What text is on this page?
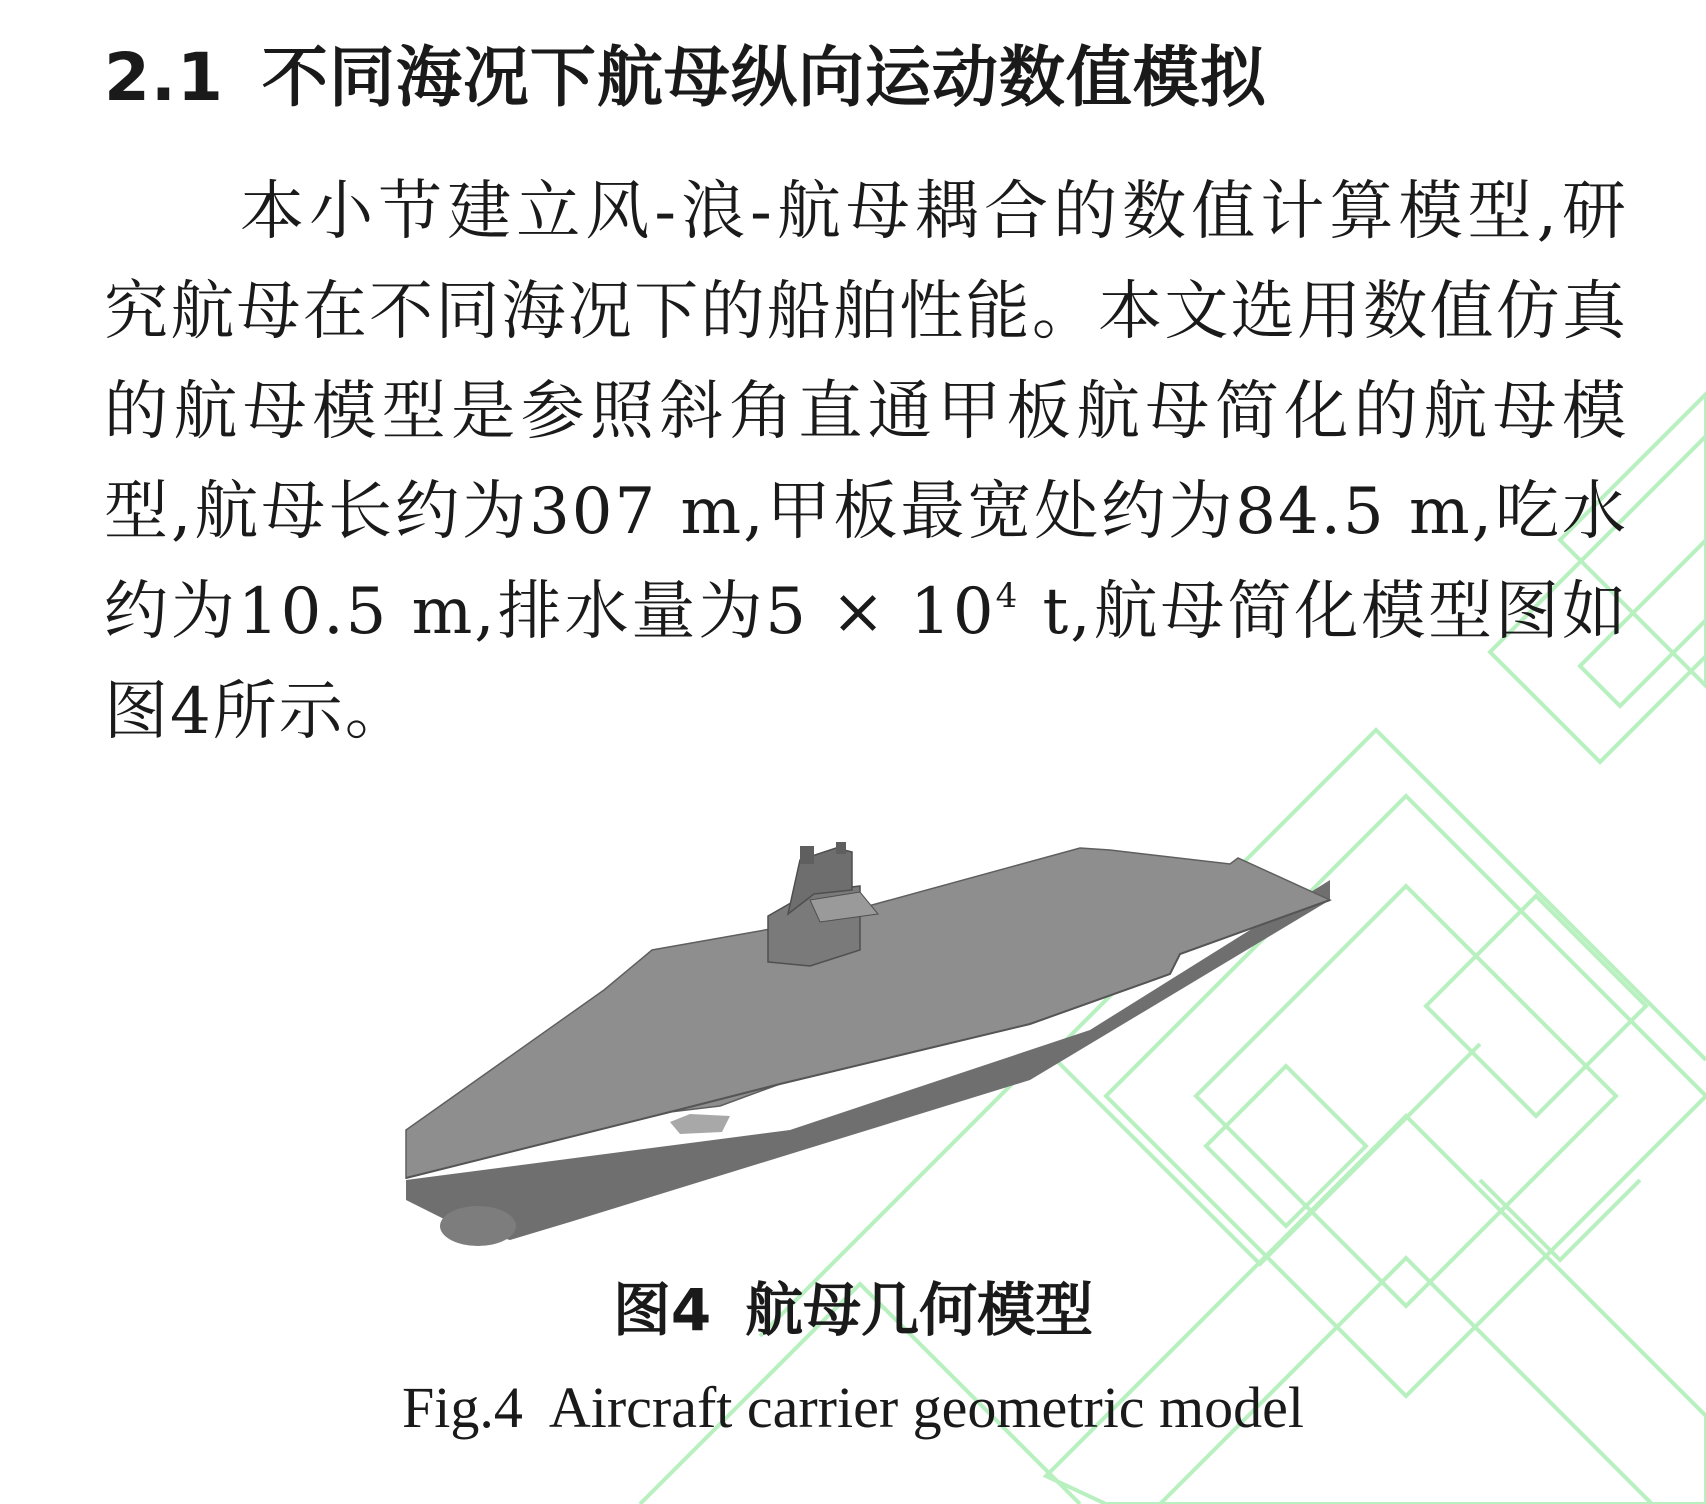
2.1 不同海况下航母纵向运动数值模拟

本小节建立风-浪-航母耦合的数值计算模型,研究航母在不同海况下的船舶性能。本文选用数值仿真的航母模型是参照斜角直通甲板航母简化的航母模型,航母长约为307 m,甲板最宽处约为84.5 m,吃水约为10.5 m,排水量为$5 \times 10^4$ t,航母简化模型图如图4所示。

图4 航母几何模型

Fig.4 Aircraft carrier geometric model
